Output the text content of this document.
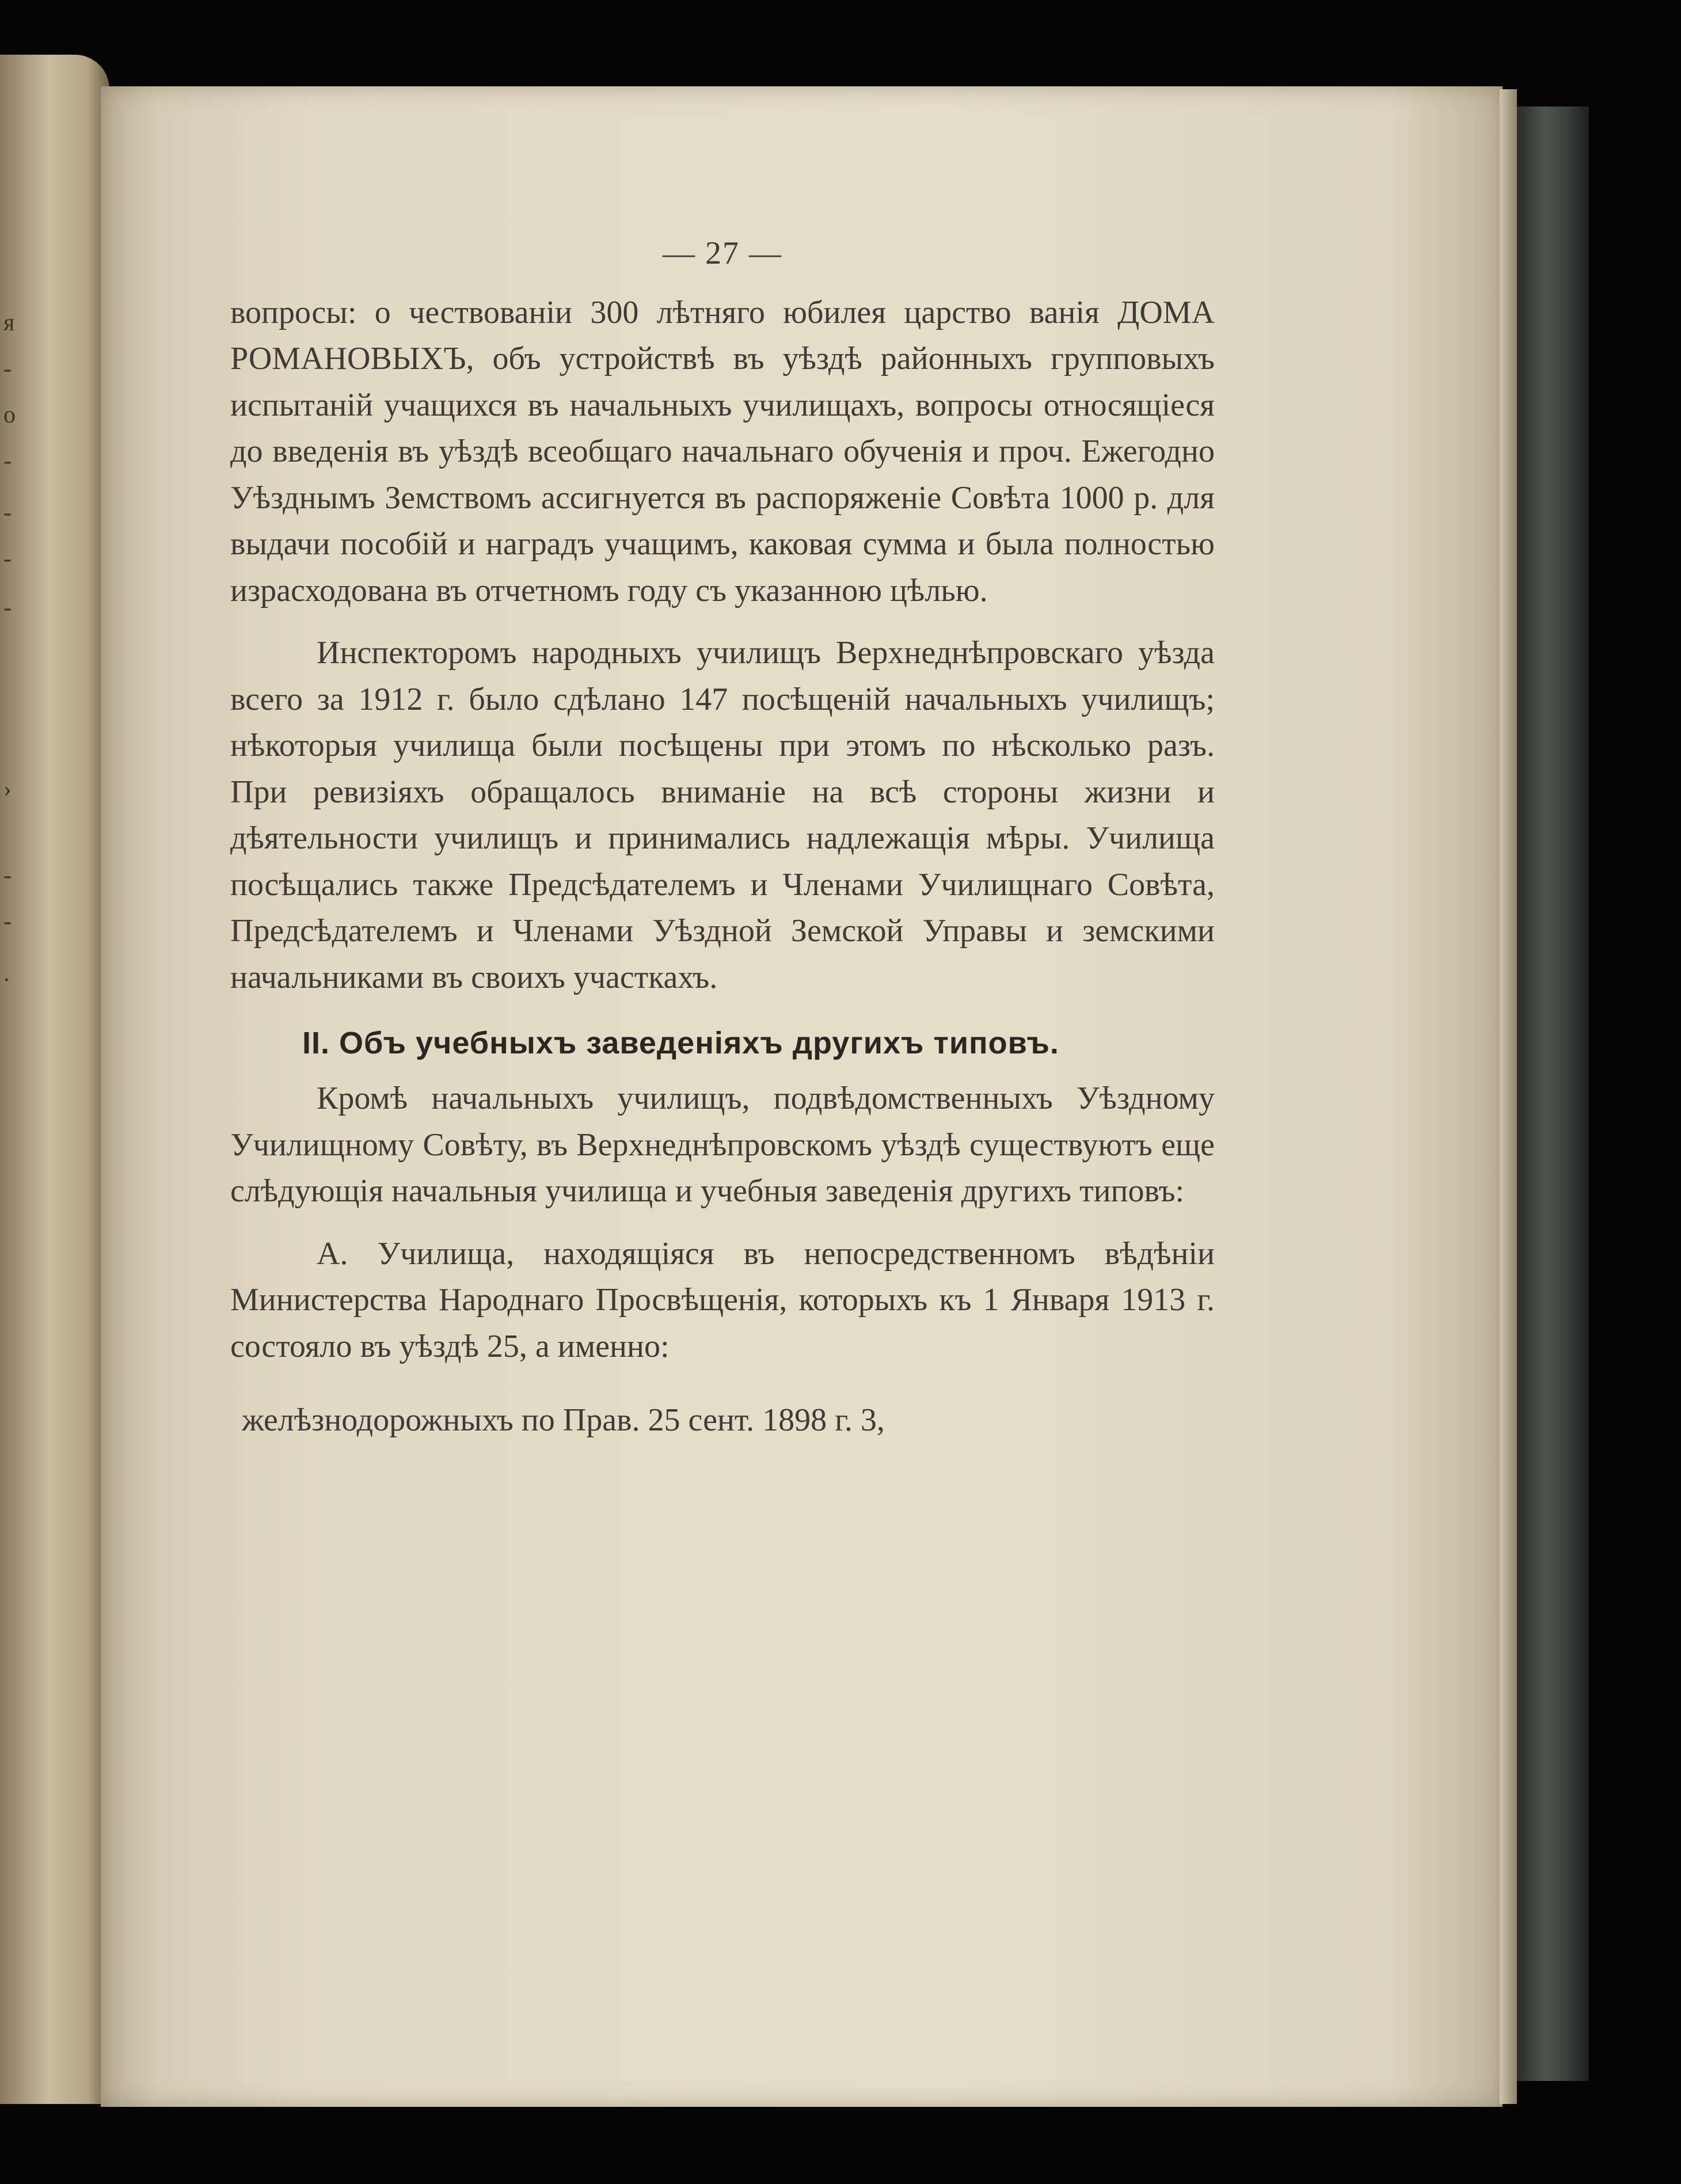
я
-
о
-
-
-
-
›
-
-
.
— 27 —

вопросы: о чествованіи 300 лѣтняго юбилея царство ванія ДОМА РОМАНОВЫХЪ, объ устройствѣ въ уѣздѣ районныхъ групповыхъ испытаній учащихся въ начальныхъ училищахъ, вопросы относящіеся до введенія въ уѣздѣ всеобщаго начальнаго обученія и проч. Ежегодно Уѣзднымъ Земствомъ ассигнуется въ распоряженіе Совѣта 1000 р. для выдачи пособій и наградъ учащимъ, каковая сумма и была полностью израсходована въ отчетномъ году съ указанною цѣлью.

Инспекторомъ народныхъ училищъ Верхнеднѣпровскаго уѣзда всего за 1912 г. было сдѣлано 147 посѣщеній начальныхъ училищъ; нѣкоторыя училища были посѣщены при этомъ по нѣсколько разъ. При ревизіяхъ обращалось вниманіе на всѣ стороны жизни и дѣятельности училищъ и принимались надлежащія мѣры. Училища посѣщались также Предсѣдателемъ и Членами Училищнаго Совѣта, Предсѣдателемъ и Членами Уѣздной Земской Управы и земскими начальниками въ своихъ участкахъ.

II. Объ учебныхъ заведеніяхъ другихъ типовъ.

Кромѣ начальныхъ училищъ, подвѣдомственныхъ Уѣздному Училищному Совѣту, въ Верхнеднѣпровскомъ уѣздѣ существуютъ еще слѣдующія начальныя училища и учебныя заведенія другихъ типовъ:

А. Училища, находящіяся въ непосредственномъ вѣдѣніи Министерства Народнаго Просвѣщенія, которыхъ къ 1 Января 1913 г. состояло въ уѣздѣ 25, а именно:

желѣзнодорожныхъ по Прав. 25 сент. 1898 г. 3,
